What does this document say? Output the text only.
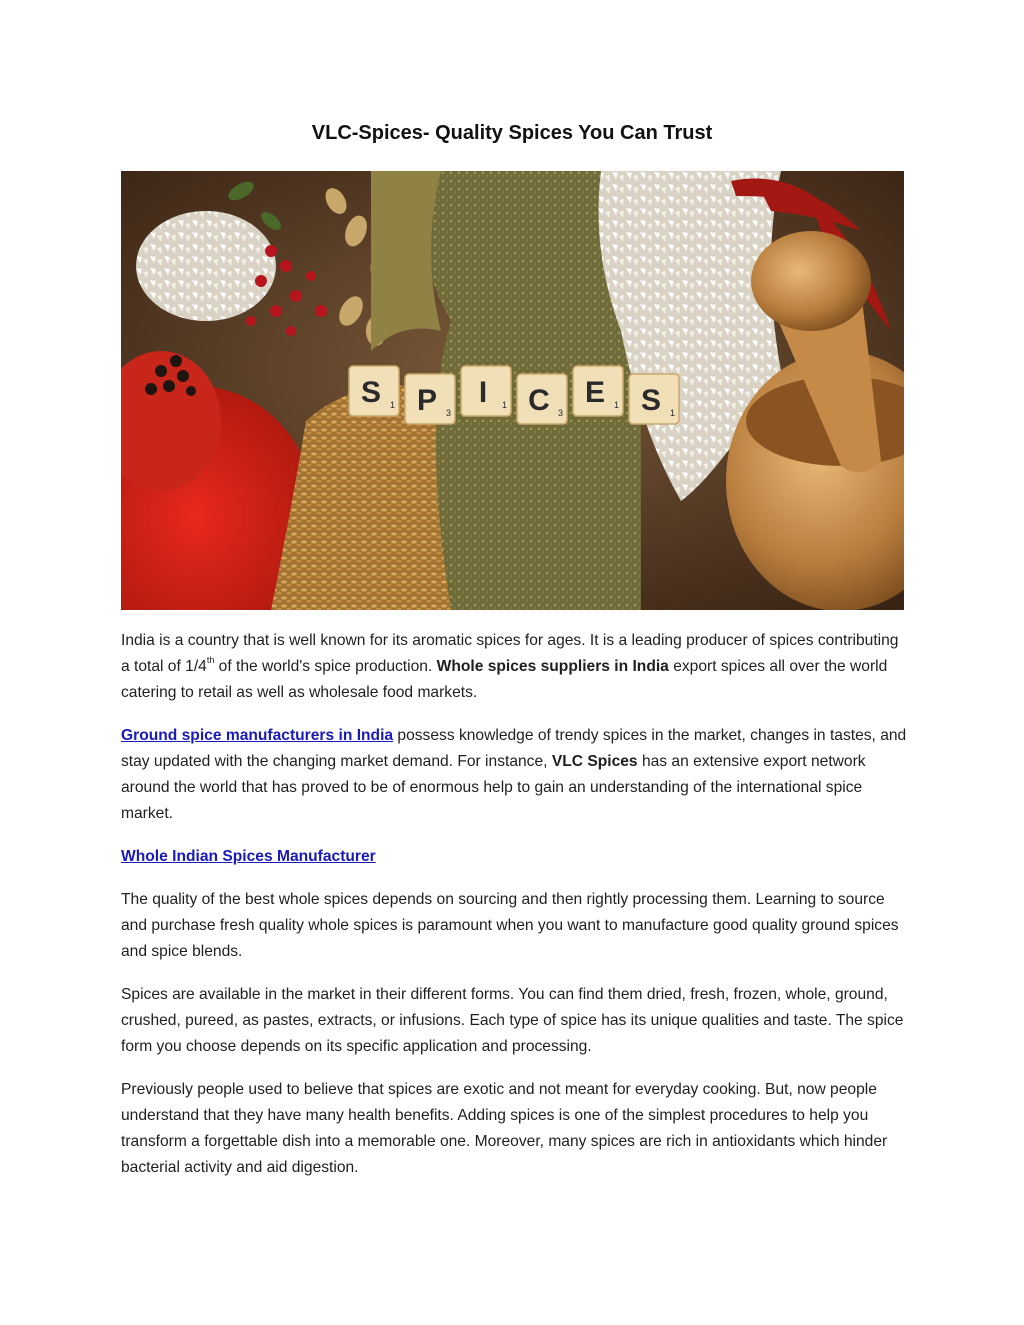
VLC-Spices- Quality Spices You Can Trust
S 1 P 3
I 1 C 3
E 1 S 1

India is a country that is well known for its aromatic spices for ages. It is a leading producer of spices contributing a total of 1/4th of the world's spice production. Whole spices suppliers in India export spices all over the world catering to retail as well as wholesale food markets.

Ground spice manufacturers in India possess knowledge of trendy spices in the market, changes in tastes, and stay updated with the changing market demand. For instance, VLC Spices has an extensive export network around the world that has proved to be of enormous help to gain an understanding of the international spice market.

Whole Indian Spices Manufacturer

The quality of the best whole spices depends on sourcing and then rightly processing them. Learning to source and purchase fresh quality whole spices is paramount when you want to manufacture good quality ground spices and spice blends.

Spices are available in the market in their different forms. You can find them dried, fresh, frozen, whole, ground, crushed, pureed, as pastes, extracts, or infusions. Each type of spice has its unique qualities and taste. The spice form you choose depends on its specific application and processing.

Previously people used to believe that spices are exotic and not meant for everyday cooking. But, now people understand that they have many health benefits. Adding spices is one of the simplest procedures to help you transform a forgettable dish into a memorable one. Moreover, many spices are rich in antioxidants which hinder bacterial activity and aid digestion.
